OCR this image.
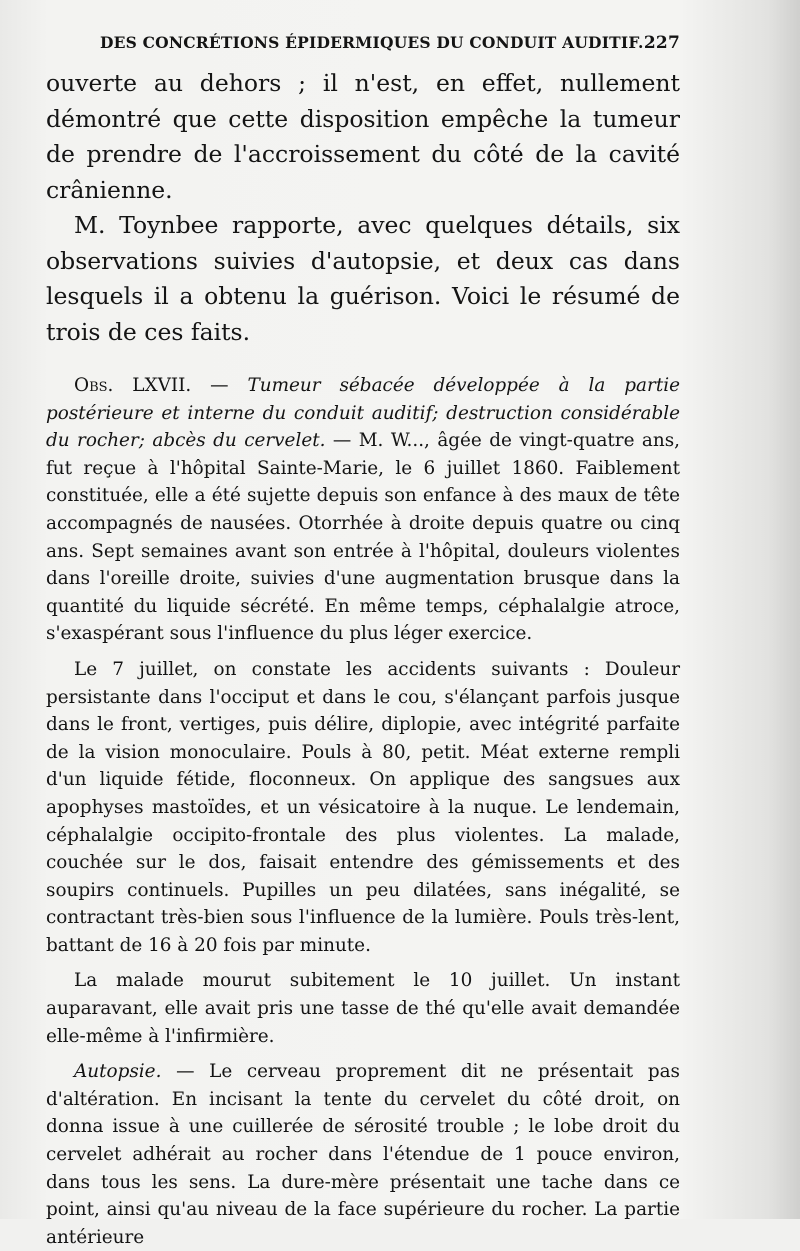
DES CONCRÉTIONS ÉPIDERMIQUES DU CONDUIT AUDITIF. 227

ouverte au dehors ; il n'est, en effet, nullement démontré que cette disposition empêche la tumeur de prendre de l'accroissement du côté de la cavité crânienne.

M. Toynbee rapporte, avec quelques détails, six observations suivies d'autopsie, et deux cas dans lesquels il a obtenu la guérison. Voici le résumé de trois de ces faits.

Obs. LXVII. — Tumeur sébacée développée à la partie postérieure et interne du conduit auditif; destruction considérable du rocher; abcès du cervelet. — M. W..., âgée de vingt-quatre ans, fut reçue à l'hôpital Sainte-Marie, le 6 juillet 1860. Faiblement constituée, elle a été sujette depuis son enfance à des maux de tête accompagnés de nausées. Otorrhée à droite depuis quatre ou cinq ans. Sept semaines avant son entrée à l'hôpital, douleurs violentes dans l'oreille droite, suivies d'une augmentation brusque dans la quantité du liquide sécrété. En même temps, céphalalgie atroce, s'exaspérant sous l'influence du plus léger exercice.

Le 7 juillet, on constate les accidents suivants : Douleur persistante dans l'occiput et dans le cou, s'élançant parfois jusque dans le front, vertiges, puis délire, diplopie, avec intégrité parfaite de la vision monoculaire. Pouls à 80, petit. Méat externe rempli d'un liquide fétide, floconneux. On applique des sangsues aux apophyses mastoïdes, et un vésicatoire à la nuque. Le lendemain, céphalalgie occipito-frontale des plus violentes. La malade, couchée sur le dos, faisait entendre des gémissements et des soupirs continuels. Pupilles un peu dilatées, sans inégalité, se contractant très-bien sous l'influence de la lumière. Pouls très-lent, battant de 16 à 20 fois par minute.

La malade mourut subitement le 10 juillet. Un instant auparavant, elle avait pris une tasse de thé qu'elle avait demandée elle-même à l'infirmière.

Autopsie. — Le cerveau proprement dit ne présentait pas d'altération. En incisant la tente du cervelet du côté droit, on donna issue à une cuillerée de sérosité trouble ; le lobe droit du cervelet adhérait au rocher dans l'étendue de 1 pouce environ, dans tous les sens. La dure-mère présentait une tache dans ce point, ainsi qu'au niveau de la face supérieure du rocher. La partie antérieure
